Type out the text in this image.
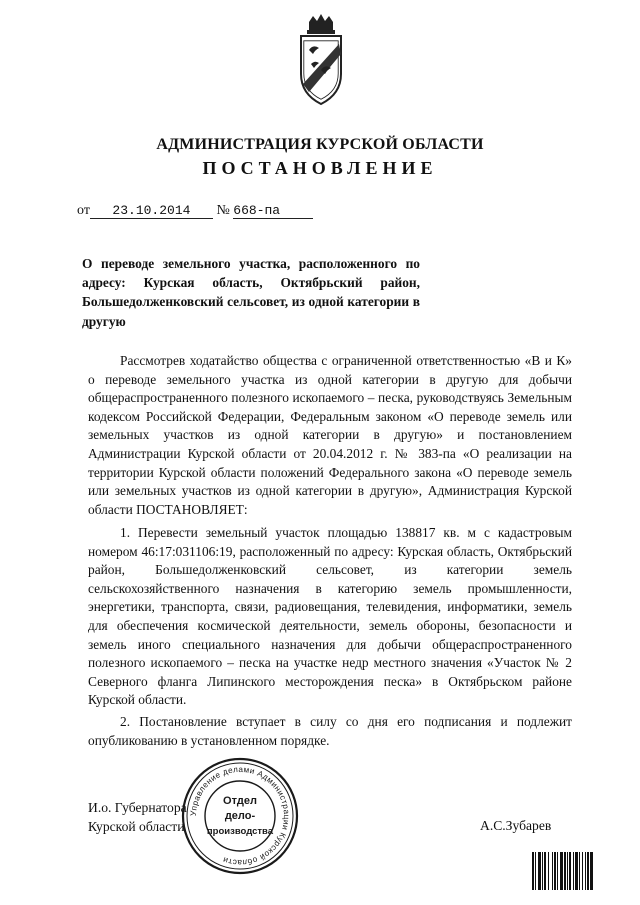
АДМИНИСТРАЦИЯ КУРСКОЙ ОБЛАСТИ
ПОСТАНОВЛЕНИЕ
от 23.10.2014 № 668-па
О переводе земельного участка, расположенного по адресу: Курская область, Октябрьский район, Большедолженковский сельсовет, из одной категории в другую
Рассмотрев ходатайство общества с ограниченной ответственностью «В и К» о переводе земельного участка из одной категории в другую для добычи общераспространенного полезного ископаемого – песка, руководствуясь Земельным кодексом Российской Федерации, Федеральным законом «О переводе земель или земельных участков из одной категории в другую» и постановлением Администрации Курской области от 20.04.2012 г. № 383-па «О реализации на территории Курской области положений Федерального закона «О переводе земель или земельных участков из одной категории в другую», Администрация Курской области ПОСТАНОВЛЯЕТ:
1. Перевести земельный участок площадью 138817 кв. м с кадастровым номером 46:17:031106:19, расположенный по адресу: Курская область, Октябрьский район, Большедолженковский сельсовет, из категории земель сельскохозяйственного назначения в категорию земель промышленности, энергетики, транспорта, связи, радиовещания, телевидения, информатики, земель для обеспечения космической деятельности, земель обороны, безопасности и земель иного специального назначения для добычи общераспространенного полезного ископаемого – песка на участке недр местного значения «Участок № 2 Северного фланга Липинского месторождения песка» в Октябрьском районе Курской области.
2. Постановление вступает в силу со дня его подписания и подлежит опубликованию в установленном порядке.
И.о. Губернатора
Курской области
Управление делами Администрации Курской области
Отдел
дело-
производства	А.С.Зубарев
